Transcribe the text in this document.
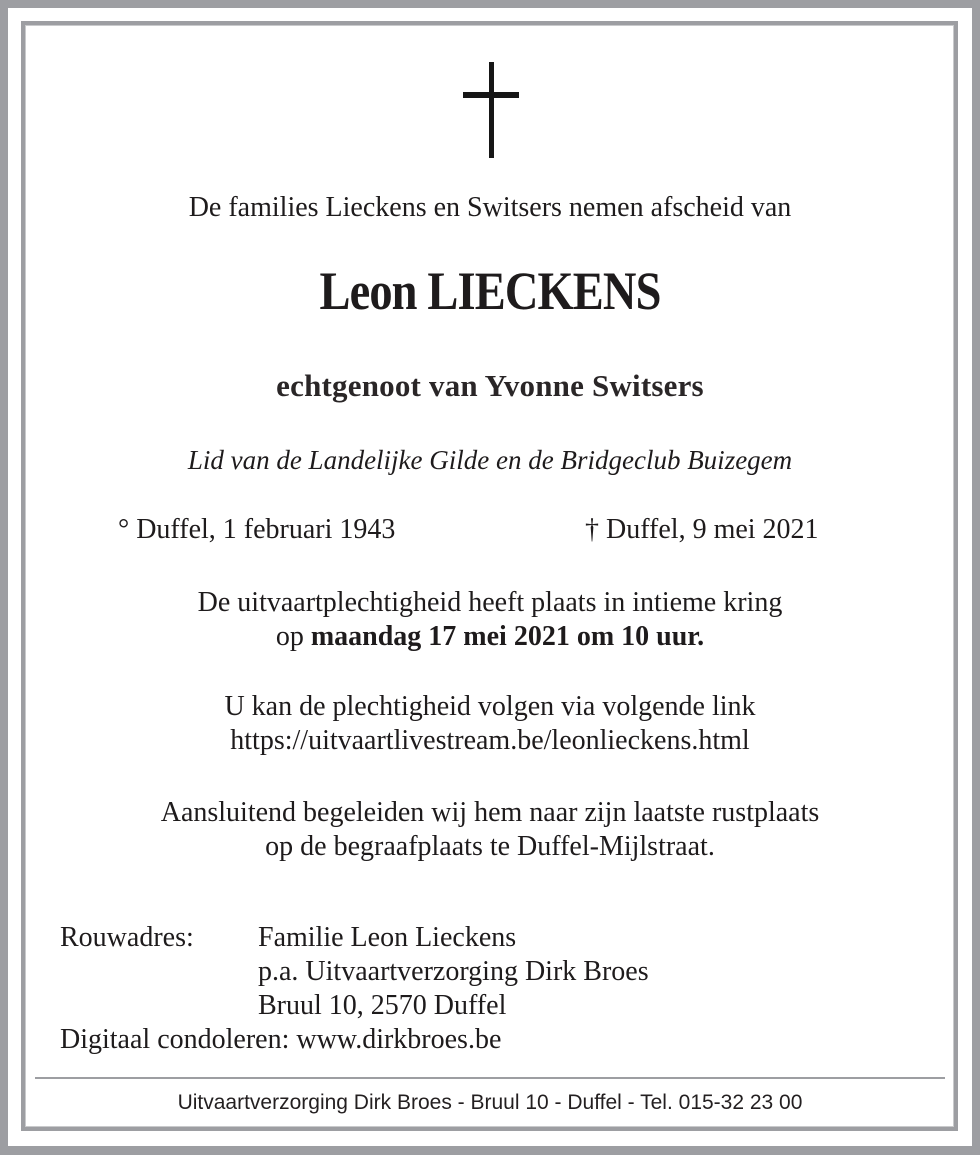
De families Lieckens en Switsers nemen afscheid van
Leon LIECKENS
echtgenoot van Yvonne Switsers
Lid van de Landelijke Gilde en de Bridgeclub Buizegem
° Duffel, 1 februari 1943	† Duffel, 9 mei 2021
De uitvaartplechtigheid heeft plaats in intieme kring
op maandag 17 mei 2021 om 10 uur.
U kan de plechtigheid volgen via volgende link
https://uitvaartlivestream.be/leonlieckens.html
Aansluitend begeleiden wij hem naar zijn laatste rustplaats
op de begraafplaats te Duffel-Mijlstraat.
Rouwadres: Familie Leon Lieckens
p.a. Uitvaartverzorging Dirk Broes
Bruul 10, 2570 Duffel
Digitaal condoleren: www.dirkbroes.be
Uitvaartverzorging Dirk Broes - Bruul 10 - Duffel - Tel. 015-32 23 00
